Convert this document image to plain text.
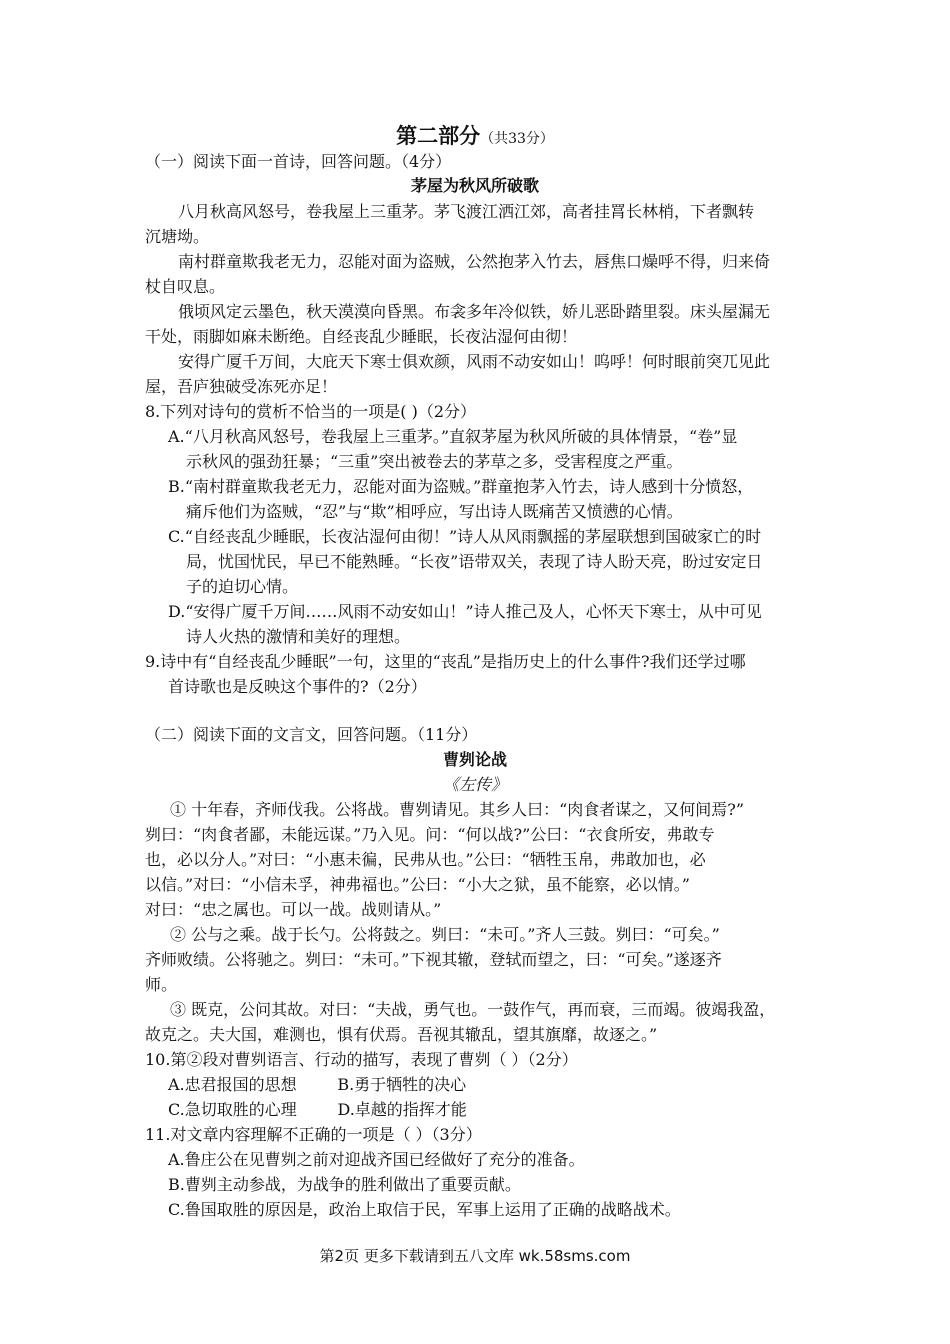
第二部分（共33分）
（一）阅读下面一首诗，回答问题。（4分）
茅屋为秋风所破歌
八月秋高风怒号，卷我屋上三重茅。茅飞渡江洒江郊，高者挂罥长林梢，下者飘转
沉塘坳。
南村群童欺我老无力，忍能对面为盗贼，公然抱茅入竹去，唇焦口燥呼不得，归来倚
杖自叹息。
俄顷风定云墨色，秋天漠漠向昏黑。布衾多年冷似铁，娇儿恶卧踏里裂。床头屋漏无
干处，雨脚如麻未断绝。自经丧乱少睡眠，长夜沾湿何由彻！
安得广厦千万间，大庇天下寒士俱欢颜，风雨不动安如山！呜呼！何时眼前突兀见此
屋，吾庐独破受冻死亦足！
8.下列对诗句的赏析不恰当的一项是( )（2分）
A.“八月秋高风怒号，卷我屋上三重茅。”直叙茅屋为秋风所破的具体情景，“卷”显
示秋风的强劲狂暴；“三重”突出被卷去的茅草之多，受害程度之严重。
B.“南村群童欺我老无力，忍能对面为盗贼。”群童抱茅入竹去，诗人感到十分愤怒，
痛斥他们为盗贼，“忍”与“欺”相呼应，写出诗人既痛苦又愤懑的心情。
C.“自经丧乱少睡眠，长夜沾湿何由彻！”诗人从风雨飘摇的茅屋联想到国破家亡的时
局，忧国忧民，早已不能熟睡。“长夜”语带双关，表现了诗人盼天亮，盼过安定日
子的迫切心情。
D.“安得广厦千万间……风雨不动安如山！”诗人推己及人，心怀天下寒士，从中可见
诗人火热的激情和美好的理想。
9.诗中有“自经丧乱少睡眠”一句，这里的“丧乱”是指历史上的什么事件?我们还学过哪
首诗歌也是反映这个事件的?（2分）
（二）阅读下面的文言文，回答问题。（11分）
曹刿论战
《左传》
① 十年春，齐师伐我。公将战。曹刿请见。其乡人曰：“肉食者谋之，又何间焉?”
刿曰：“肉食者鄙，未能远谋。”乃入见。问：“何以战?”公曰：“衣食所安，弗敢专
也，必以分人。”对曰：“小惠未徧，民弗从也。”公曰：“牺牲玉帛，弗敢加也，必
以信。”对曰：“小信未孚，神弗福也。”公曰：“小大之狱，虽不能察，必以情。”
对曰：“忠之属也。可以一战。战则请从。”
② 公与之乘。战于长勺。公将鼓之。刿曰：“未可。”齐人三鼓。刿曰：“可矣。”
齐师败绩。公将驰之。刿曰：“未可。”下视其辙，登轼而望之，曰：“可矣。”遂逐齐
师。
③ 既克，公问其故。对曰：“夫战，勇气也。一鼓作气，再而衰，三而竭。彼竭我盈，
故克之。夫大国，难测也，惧有伏焉。吾视其辙乱，望其旗靡，故逐之。”
10.第②段对曹刿语言、行动的描写，表现了曹刿（ ）（2分）
A.忠君报国的思想        B.勇于牺牲的决心
C.急切取胜的心理        D.卓越的指挥才能
11.对文章内容理解不正确的一项是（ ）（3分）
A.鲁庄公在见曹刿之前对迎战齐国已经做好了充分的准备。
B.曹刿主动参战，为战争的胜利做出了重要贡献。
C.鲁国取胜的原因是，政治上取信于民，军事上运用了正确的战略战术。
第2页 更多下载请到五八文库 wk.58sms.com
